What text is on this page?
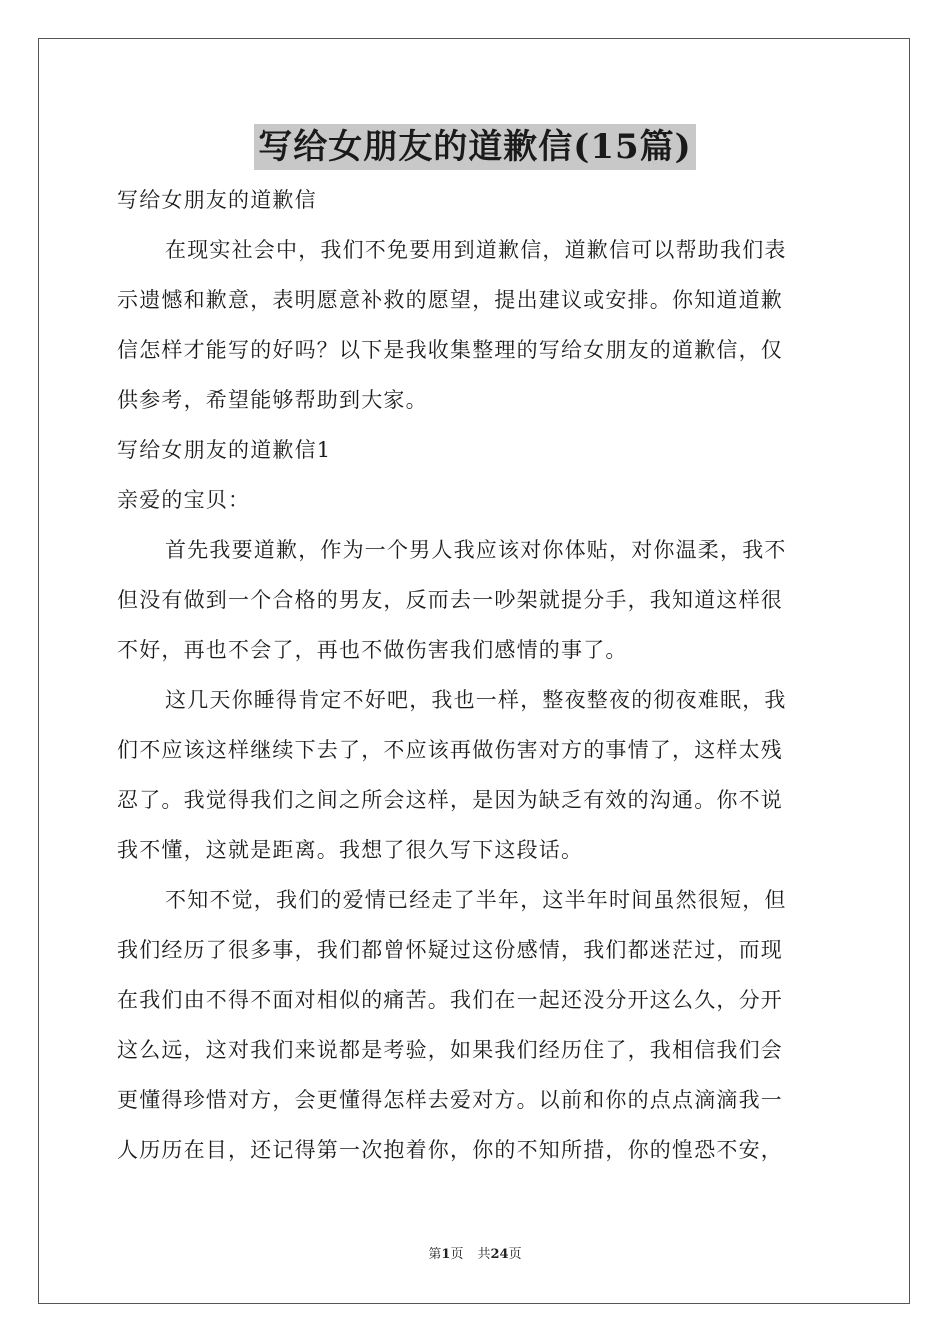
写给女朋友的道歉信(15篇)
写给女朋友的道歉信
在现实社会中，我们不免要用到道歉信，道歉信可以帮助我们表
示遗憾和歉意，表明愿意补救的愿望，提出建议或安排。你知道道歉
信怎样才能写的好吗？以下是我收集整理的写给女朋友的道歉信，仅
供参考，希望能够帮助到大家。
写给女朋友的道歉信1
亲爱的宝贝：
首先我要道歉，作为一个男人我应该对你体贴，对你温柔，我不
但没有做到一个合格的男友，反而去一吵架就提分手，我知道这样很
不好，再也不会了，再也不做伤害我们感情的事了。
这几天你睡得肯定不好吧，我也一样，整夜整夜的彻夜难眠，我
们不应该这样继续下去了，不应该再做伤害对方的事情了，这样太残
忍了。我觉得我们之间之所会这样，是因为缺乏有效的沟通。你不说
我不懂，这就是距离。我想了很久写下这段话。
不知不觉，我们的爱情已经走了半年，这半年时间虽然很短，但
我们经历了很多事，我们都曾怀疑过这份感情，我们都迷茫过，而现
在我们由不得不面对相似的痛苦。我们在一起还没分开这么久，分开
这么远，这对我们来说都是考验，如果我们经历住了，我相信我们会
更懂得珍惜对方，会更懂得怎样去爱对方。以前和你的点点滴滴我一
人历历在目，还记得第一次抱着你，你的不知所措，你的惶恐不安，
第1页 共24页
